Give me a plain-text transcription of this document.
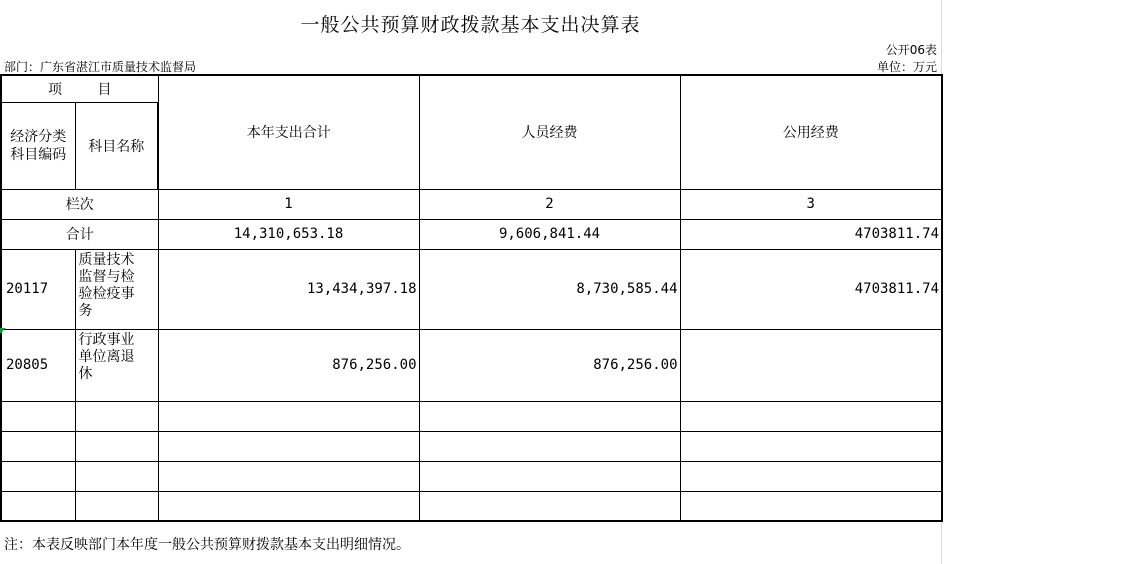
一般公共预算财政拨款基本支出决算表
公开06表
部门：广东省湛江市质量技术监督局	单位：万元
项        目		本年支出合计	人员经费	公用经费

经济分类
科目编码	科目名称			
栏次		1	2	3
合计		14,310,653.18	9,606,841.44	4703811.74
20117	质量技术
监督与检
验检疫事
务	13,434,397.18	8,730,585.44	4703811.74
20805	行政事业
单位离退
休	876,256.00	876,256.00	

注：本表反映部门本年度一般公共预算财拨款基本支出明细情况。
